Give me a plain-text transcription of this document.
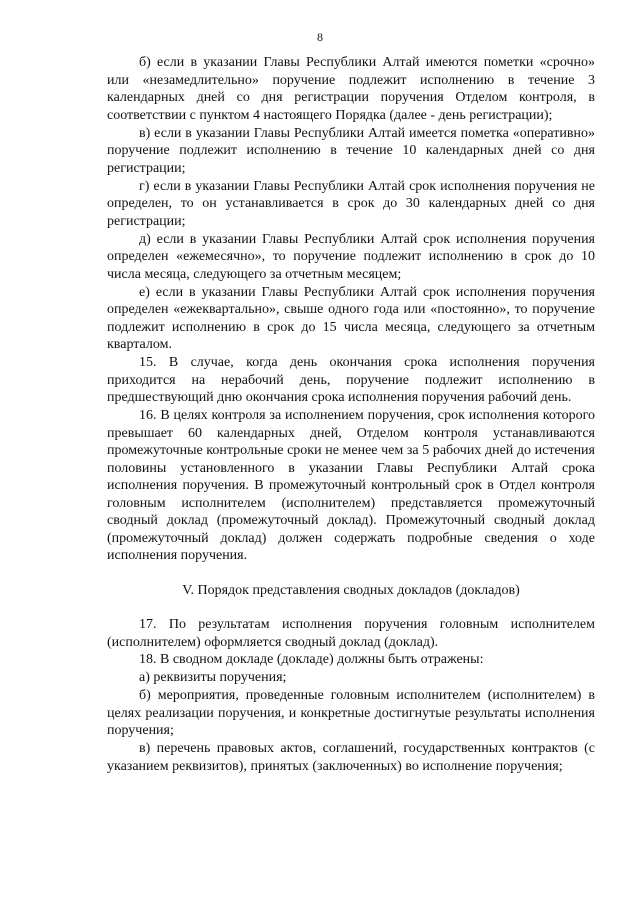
8

б) если в указании Главы Республики Алтай имеются пометки «срочно» или «незамедлительно» поручение подлежит исполнению в течение 3 календарных дней со дня регистрации поручения Отделом контроля, в соответствии с пунктом 4 настоящего Порядка (далее - день регистрации);

в) если в указании Главы Республики Алтай имеется пометка «оперативно» поручение подлежит исполнению в течение 10 календарных дней со дня регистрации;

г) если в указании Главы Республики Алтай срок исполнения поручения не определен, то он устанавливается в срок до 30 календарных дней со дня регистрации;

д) если в указании Главы Республики Алтай срок исполнения поручения определен «ежемесячно», то поручение подлежит исполнению в срок до 10 числа месяца, следующего за отчетным месяцем;

е) если в указании Главы Республики Алтай срок исполнения поручения определен «ежеквартально», свыше одного года или «постоянно», то поручение подлежит исполнению в срок до 15 числа месяца, следующего за отчетным кварталом.

15. В случае, когда день окончания срока исполнения поручения приходится на нерабочий день, поручение подлежит исполнению в предшествующий дню окончания срока исполнения поручения рабочий день.

16. В целях контроля за исполнением поручения, срок исполнения которого превышает 60 календарных дней, Отделом контроля устанавливаются промежуточные контрольные сроки не менее чем за 5 рабочих дней до истечения половины установленного в указании Главы Республики Алтай срока исполнения поручения. В промежуточный контрольный срок в Отдел контроля головным исполнителем (исполнителем) представляется промежуточный сводный доклад (промежуточный доклад). Промежуточный сводный доклад (промежуточный доклад) должен содержать подробные сведения о ходе исполнения поручения.

V. Порядок представления сводных докладов (докладов)

17. По результатам исполнения поручения головным исполнителем (исполнителем) оформляется сводный доклад (доклад).

18. В сводном докладе (докладе) должны быть отражены:

а) реквизиты поручения;

б) мероприятия, проведенные головным исполнителем (исполнителем) в целях реализации поручения, и конкретные достигнутые результаты исполнения поручения;

в) перечень правовых актов, соглашений, государственных контрактов (с указанием реквизитов), принятых (заключенных) во исполнение поручения;
